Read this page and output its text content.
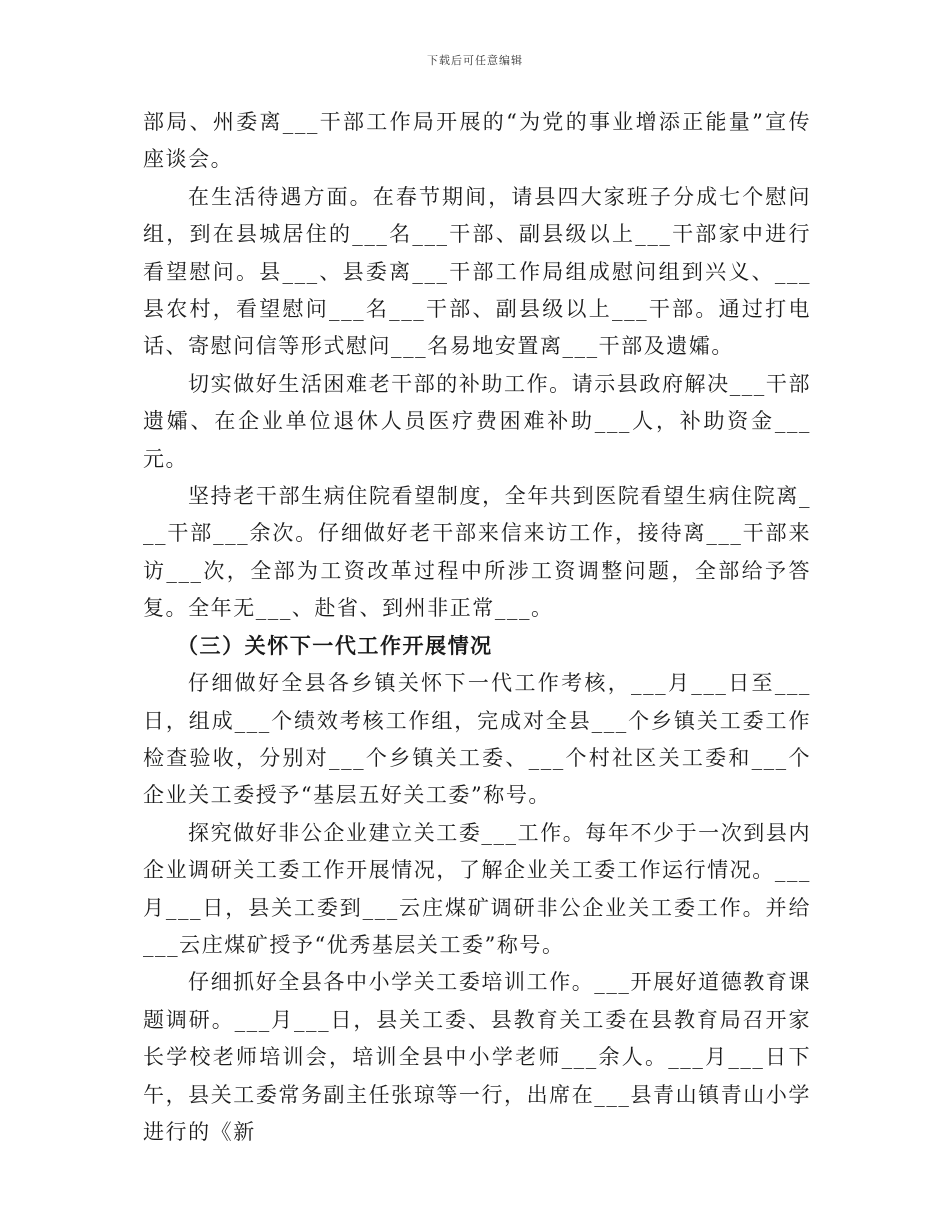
下载后可任意编辑

部局、州委离___干部工作局开展的“为党的事业增添正能量”宣传座谈会。

在生活待遇方面。在春节期间，请县四大家班子分成七个慰问组，到在县城居住的___名___干部、副县级以上___干部家中进行看望慰问。县___、县委离___干部工作局组成慰问组到兴义、___县农村，看望慰问___名___干部、副县级以上___干部。通过打电话、寄慰问信等形式慰问___名易地安置离___干部及遗孀。

切实做好生活困难老干部的补助工作。请示县政府解决___干部遗孀、在企业单位退休人员医疗费困难补助___人，补助资金___元。

坚持老干部生病住院看望制度，全年共到医院看望生病住院离___干部___余次。仔细做好老干部来信来访工作，接待离___干部来访___次，全部为工资改革过程中所涉工资调整问题，全部给予答复。全年无___、赴省、到州非正常___。

（三）关怀下一代工作开展情况

仔细做好全县各乡镇关怀下一代工作考核，___月___日至___日，组成___个绩效考核工作组，完成对全县___个乡镇关工委工作检查验收，分别对___个乡镇关工委、___个村社区关工委和___个企业关工委授予“基层五好关工委”称号。

探究做好非公企业建立关工委___工作。每年不少于一次到县内企业调研关工委工作开展情况，了解企业关工委工作运行情况。___月___日，县关工委到___云庄煤矿调研非公企业关工委工作。并给___云庄煤矿授予“优秀基层关工委”称号。

仔细抓好全县各中小学关工委培训工作。___开展好道德教育课题调研。___月___日，县关工委、县教育关工委在县教育局召开家长学校老师培训会，培训全县中小学老师___余人。___月___日下午，县关工委常务副主任张琼等一行，出席在___县青山镇青山小学进行的《新
